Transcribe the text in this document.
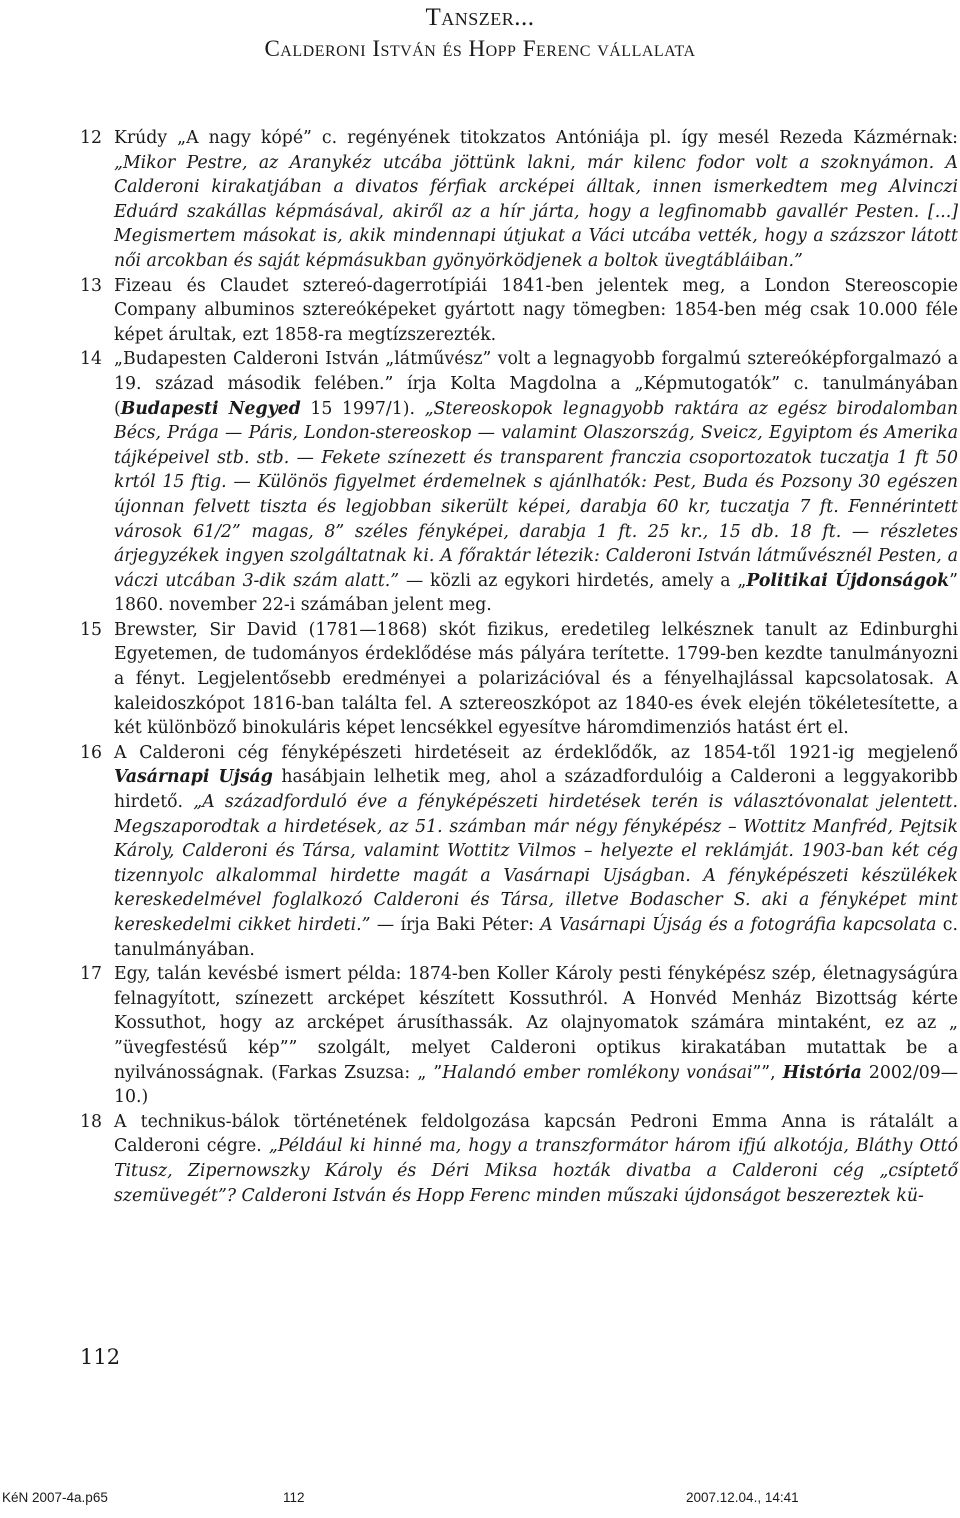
Tanszer...
Calderoni István és Hopp Ferenc vállalata
12 Krúdy „A nagy kópé” c. regényének titokzatos Antóniája pl. így mesél Rezeda Kázmérnak: „Mikor Pestre, az Aranykéz utcába jöttünk lakni, már kilenc fodor volt a szoknyámon. A Calderoni kirakatjában a divatos férfiak arcképei álltak, innen ismerkedtem meg Alvinczi Eduárd szakállas képmásával, akiről az a hír járta, hogy a legfinomabb gavallér Pesten. [...] Megismertem másokat is, akik mindennapi útjukat a Váci utcába vették, hogy a százszor látott női arcokban és saját képmásukban gyönyörködjenek a boltok üvegtábláiban.”
13 Fizeau és Claudet sztereó-dagerrotípiái 1841-ben jelentek meg, a London Stereoscopie Company albuminos sztereóképeket gyártott nagy tömegben: 1854-ben még csak 10.000 féle képet árultak, ezt 1858-ra megtízszerezték.
14 „Budapesten Calderoni István „látművész” volt a legnagyobb forgalmú sztereóképforgalmazó a 19. század második felében.” írja Kolta Magdolna a „Képmutogatók” c. tanulmányában (Budapesti Negyed 15 1997/1). „Stereoskopok legnagyobb raktára az egész birodalomban Bécs, Prága — Páris, London-stereoskop — valamint Olaszország, Sveicz, Egyiptom és Amerika tájképeivel stb. stb. — Fekete színezett és transparent franczia csoportozatok tuczatja 1 ft 50 krtól 15 ftig. — Különös figyelmet érdemelnek s ajánlhatók: Pest, Buda és Pozsony 30 egészen újonnan felvett tiszta és legjobban sikerült képei, darabja 60 kr, tuczatja 7 ft. Fennérintett városok 61/2” magas, 8” széles fényképei, darabja 1 ft. 25 kr., 15 db. 18 ft. — részletes árjegyzékek ingyen szolgáltatnak ki. A főraktár létezik: Calderoni István látművésznél Pesten, a váczi utcában 3-dik szám alatt.” — közli az egykori hirdetés, amely a „Politikai Újdonságok” 1860. november 22-i számában jelent meg.
15 Brewster, Sir David (1781—1868) skót fizikus, eredetileg lelkésznek tanult az Edinburghi Egyetemen, de tudományos érdeklődése más pályára terítette. 1799-ben kezdte tanulmányozni a fényt. Legjelentősebb eredményei a polarizációval és a fényelhajlással kapcsolatosak. A kaleidoszkópot 1816-ban találta fel. A sztereoszkópot az 1840-es évek elején tökéletesítette, a két különböző binokuláris képet lencsékkel egyesítve háromdimenziós hatást ért el.
16 A Calderoni cég fényképészeti hirdetéseit az érdeklődők, az 1854-től 1921-ig megjelenő Vasárnapi Ujság hasábjain lelhetik meg, ahol a századfordulóig a Calderoni a leggyakoribb hirdető. „A századforduló éve a fényképészeti hirdetések terén is választóvonalat jelentett. Megszaporodtak a hirdetések, az 51. számban már négy fényképész – Wottitz Manfréd, Pejtsik Károly, Calderoni és Társa, valamint Wottitz Vilmos – helyezte el reklámját. 1903-ban két cég tizennyolc alkalommal hirdette magát a Vasárnapi Ujságban. A fényképészeti készülékek kereskedelmével foglalkozó Calderoni és Társa, illetve Bodascher S. aki a fényképet mint kereskedelmi cikket hirdeti.” — írja Baki Péter: A Vasárnapi Újság és a fotográfia kapcsolata c. tanulmányában.
17 Egy, talán kevésbé ismert példa: 1874-ben Koller Károly pesti fényképész szép, életnagyságúra felnagyított, színezett arcképet készített Kossuthról. A Honvéd Menház Bizottság kérte Kossuthot, hogy az arcképet árusíthassák. Az olajnyomatok számára mintaként, ez az „ ”üvegfestésű kép”” szolgált, melyet Calderoni optikus kirakatában mutattak be a nyilvánosságnak. (Farkas Zsuzsa: „ ”Halandó ember romlékony vonásai””, História 2002/09—10.)
18 A technikus-bálok történetének feldolgozása kapcsán Pedroni Emma Anna is rátalált a Calderoni cégre. „Például ki hinné ma, hogy a transzformátor három ifjú alkotója, Bláthy Ottó Titusz, Zipernowszky Károly és Déri Miksa hozták divatba a Calderoni cég „csíptető szemüvegét”? Calderoni István és Hopp Ferenc minden műszaki újdonságot beszereztek kü-
112
KéN 2007-4a.p65	112	2007.12.04., 14:41
